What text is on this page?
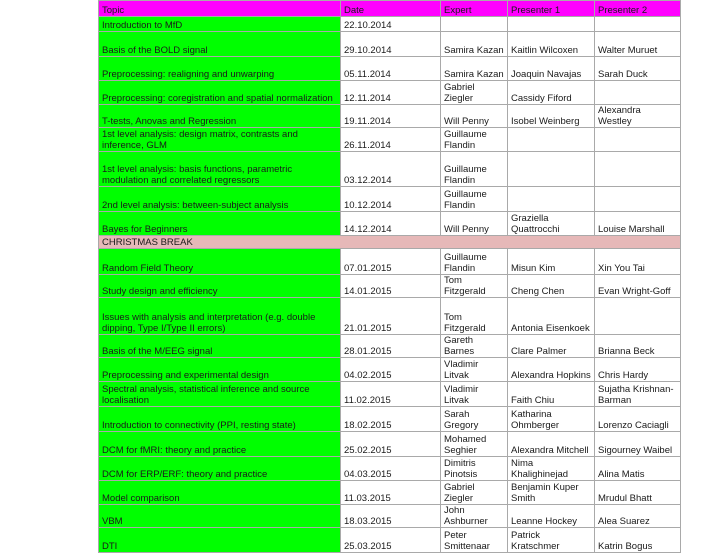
Topic	Date	Expert	Presenter 1	Presenter 2
Introduction to MfD	22.10.2014			
Basis of the BOLD signal	29.10.2014	Samira Kazan	Kaitlin Wilcoxen	Walter Muruet
Preprocessing: realigning and unwarping	05.11.2014	Samira Kazan	Joaquin Navajas	Sarah Duck
Preprocessing: coregistration and spatial normalization	12.11.2014	Gabriel Ziegler	Cassidy Fiford	
T-tests, Anovas and Regression	19.11.2014	Will Penny	Isobel Weinberg	Alexandra Westley
1st level analysis: design matrix, contrasts and inference, GLM	26.11.2014	Guillaume Flandin		
1st level analysis: basis functions, parametric modulation and correlated regressors	03.12.2014	Guillaume Flandin		
2nd level analysis: between-subject analysis	10.12.2014	Guillaume Flandin		
Bayes for Beginners	14.12.2014	Will Penny	Graziella Quattrocchi	Louise Marshall
CHRISTMAS BREAK				
Random Field Theory	07.01.2015	Guillaume Flandin	Misun Kim	Xin You Tai
Study design and efficiency	14.01.2015	Tom Fitzgerald	Cheng Chen	Evan Wright-Goff
Issues with analysis and interpretation (e.g. double dipping, Type I/Type II errors)	21.01.2015	Tom Fitzgerald	Antonia Eisenkoek	
Basis of the M/EEG signal	28.01.2015	Gareth Barnes	Clare Palmer	Brianna Beck
Preprocessing and experimental design	04.02.2015	Vladimir Litvak	Alexandra Hopkins	Chris Hardy
Spectral analysis, statistical inference and source localisation	11.02.2015	Vladimir Litvak	Faith Chiu	Sujatha Krishnan-Barman
Introduction to connectivity (PPI, resting state)	18.02.2015	Sarah Gregory	Katharina Ohmberger	Lorenzo Caciagli
DCM for fMRI: theory and practice	25.02.2015	Mohamed Seghier	Alexandra Mitchell	Sigourney Waibel
DCM for ERP/ERF: theory and practice	04.03.2015	Dimitris Pinotsis	Nima Khalighinejad	Alina Matis
Model comparison	11.03.2015	Gabriel Ziegler	Benjamin Kuper Smith	Mrudul Bhatt
VBM	18.03.2015	John Ashburner	Leanne Hockey	Alea Suarez
DTI	25.03.2015	Peter Smittenaar	Patrick Kratschmer	Katrin Bogus
